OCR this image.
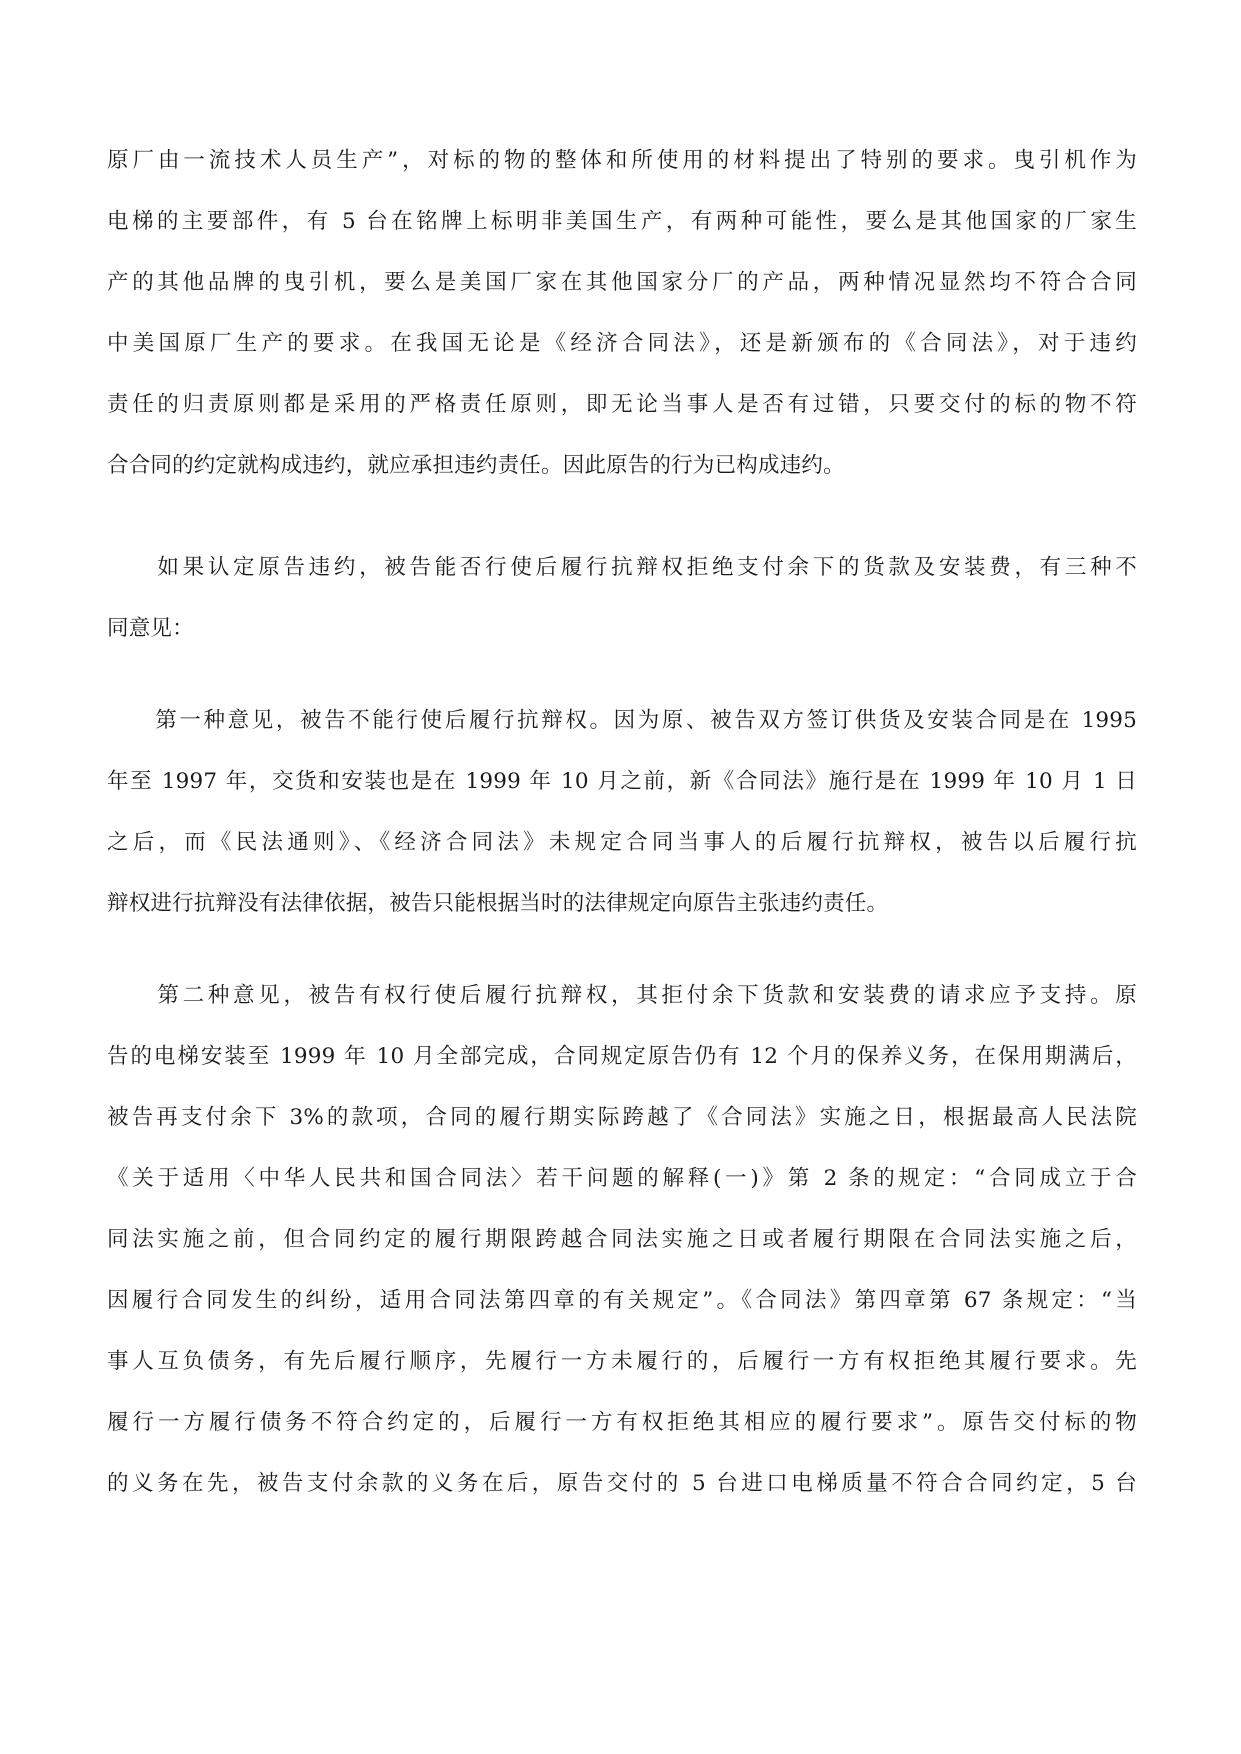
原厂由一流技术人员生产”，对标的物的整体和所使用的材料提出了特别的要求。曳引机作为
电梯的主要部件，有 5 台在铭牌上标明非美国生产，有两种可能性，要么是其他国家的厂家生
产的其他品牌的曳引机，要么是美国厂家在其他国家分厂的产品，两种情况显然均不符合合同
中美国原厂生产的要求。在我国无论是《经济合同法》，还是新颁布的《合同法》，对于违约
责任的归责原则都是采用的严格责任原则，即无论当事人是否有过错，只要交付的标的物不符
合合同的约定就构成违约，就应承担违约责任。因此原告的行为已构成违约。
　　如果认定原告违约，被告能否行使后履行抗辩权拒绝支付余下的货款及安装费，有三种不
同意见：
　　第一种意见，被告不能行使后履行抗辩权。因为原、被告双方签订供货及安装合同是在 1995
年至 1997 年，交货和安装也是在 1999 年 10 月之前，新《合同法》施行是在 1999 年 10 月 1 日
之后，而《民法通则》、《经济合同法》未规定合同当事人的后履行抗辩权，被告以后履行抗
辩权进行抗辩没有法律依据，被告只能根据当时的法律规定向原告主张违约责任。
　　第二种意见，被告有权行使后履行抗辩权，其拒付余下货款和安装费的请求应予支持。原
告的电梯安装至 1999 年 10 月全部完成，合同规定原告仍有 12 个月的保养义务，在保用期满后，
被告再支付余下 3%的款项，合同的履行期实际跨越了《合同法》实施之日，根据最高人民法院
《关于适用〈中华人民共和国合同法〉若干问题的解释(一)》第 2 条的规定：“合同成立于合
同法实施之前，但合同约定的履行期限跨越合同法实施之日或者履行期限在合同法实施之后，
因履行合同发生的纠纷，适用合同法第四章的有关规定”。《合同法》第四章第 67 条规定：“当
事人互负债务，有先后履行顺序，先履行一方未履行的，后履行一方有权拒绝其履行要求。先
履行一方履行债务不符合约定的，后履行一方有权拒绝其相应的履行要求”。原告交付标的物
的义务在先，被告支付余款的义务在后，原告交付的 5 台进口电梯质量不符合合同约定，5 台
